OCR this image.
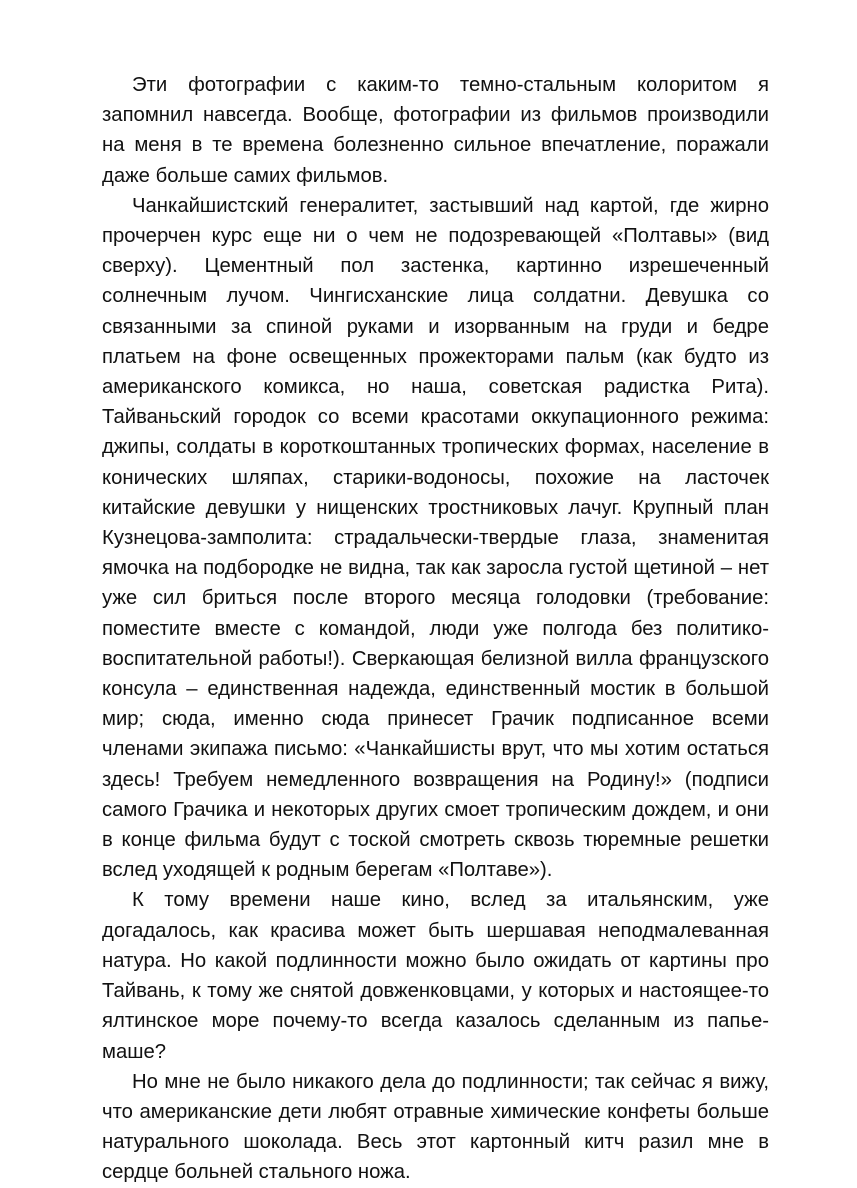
Эти фотографии с каким-то темно-стальным колоритом я запомнил навсегда. Вообще, фотографии из фильмов производили на меня в те времена болезненно сильное впечатление, поражали даже больше самих фильмов.

Чанкайшистский генералитет, застывший над картой, где жирно прочерчен курс еще ни о чем не подозревающей «Полтавы» (вид сверху). Цементный пол застенка, картинно изрешеченный солнечным лучом. Чингисханские лица солдатни. Девушка со связанными за спиной руками и изорванным на груди и бедре платьем на фоне освещенных прожекторами пальм (как будто из американского комикса, но наша, советская радистка Рита). Тайваньский городок со всеми красотами оккупационного режима: джипы, солдаты в короткоштанных тропических формах, население в конических шляпах, старики-водоносы, похожие на ласточек китайские девушки у нищенских тростниковых лачуг. Крупный план Кузнецова-замполита: страдальчески-твердые глаза, знаменитая ямочка на подбородке не видна, так как заросла густой щетиной – нет уже сил бриться после второго месяца голодовки (требование: поместите вместе с командой, люди уже полгода без политико-воспитательной работы!). Сверкающая белизной вилла французского консула – единственная надежда, единственный мостик в большой мир; сюда, именно сюда принесет Грачик подписанное всеми членами экипажа письмо: «Чанкайшисты врут, что мы хотим остаться здесь! Требуем немедленного возвращения на Родину!» (подписи самого Грачика и некоторых других смоет тропическим дождем, и они в конце фильма будут с тоской смотреть сквозь тюремные решетки вслед уходящей к родным берегам «Полтаве»).

К тому времени наше кино, вслед за итальянским, уже догадалось, как красива может быть шершавая неподмалеванная натура. Но какой подлинности можно было ожидать от картины про Тайвань, к тому же снятой довженковцами, у которых и настоящее-то ялтинское море почему-то всегда казалось сделанным из папье-маше?

Но мне не было никакого дела до подлинности; так сейчас я вижу, что американские дети любят отравные химические конфеты больше натурального шоколада. Весь этот картонный китч разил мне в сердце больней стального ножа.
